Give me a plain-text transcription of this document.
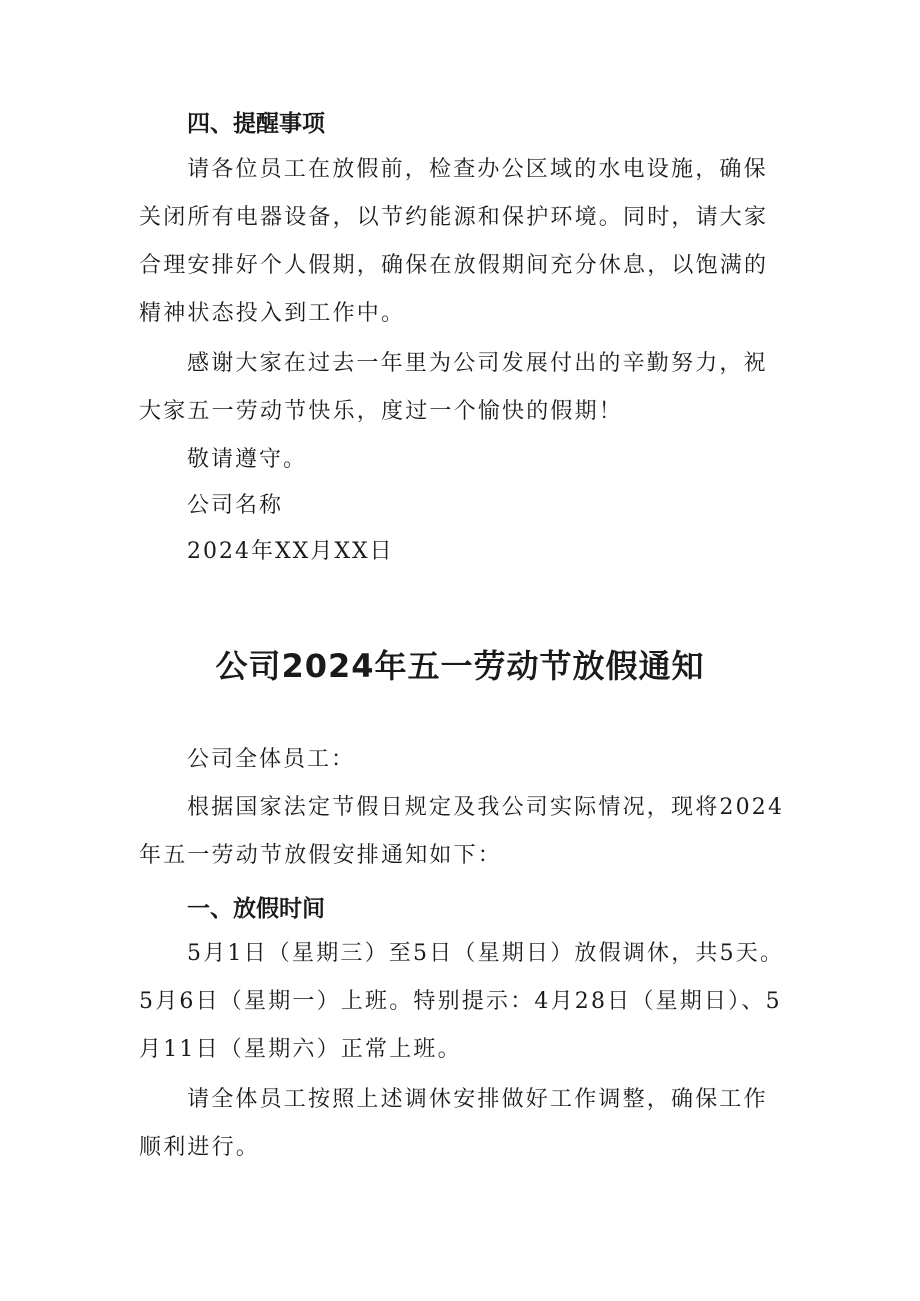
四、提醒事项

请各位员工在放假前，检查办公区域的水电设施，确保关闭所有电器设备，以节约能源和保护环境。同时，请大家合理安排好个人假期，确保在放假期间充分休息，以饱满的精神状态投入到工作中。

感谢大家在过去一年里为公司发展付出的辛勤努力，祝大家五一劳动节快乐，度过一个愉快的假期！

敬请遵守。

公司名称

2024年XX月XX日

公司2024年五一劳动节放假通知

公司全体员工：

根据国家法定节假日规定及我公司实际情况，现将2024年五一劳动节放假安排通知如下：

一、放假时间

5月1日（星期三）至5日（星期日）放假调休，共5天。5月6日（星期一）上班。特别提示：4月28日（星期日）、5月11日（星期六）正常上班。

请全体员工按照上述调休安排做好工作调整，确保工作顺利进行。
